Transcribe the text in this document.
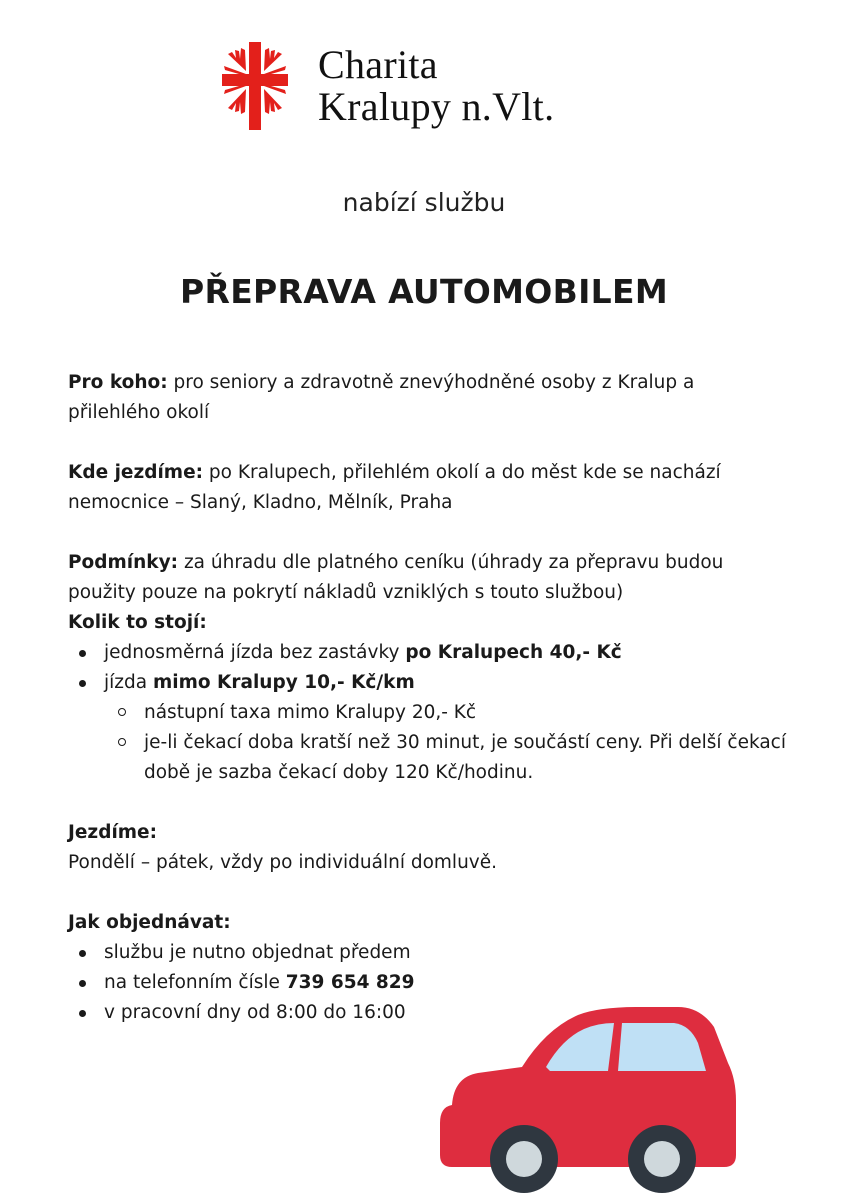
Charita
Kralupy n.Vlt.
nabízí službu
PŘEPRAVA AUTOMOBILEM

Pro koho: pro seniory a zdravotně znevýhodněné osoby z Kralup a přilehlého okolí

Kde jezdíme: po Kralupech, přilehlém okolí a do měst kde se nachází nemocnice – Slaný, Kladno, Mělník, Praha

Podmínky: za úhradu dle platného ceníku (úhrady za přepravu budou použity pouze na pokrytí nákladů vzniklých s touto službou)

Kolik to stojí:

jednosměrná jízda bez zastávky po Kralupech 40,- Kč
jízda mimo Kralupy 10,- Kč/km
nástupní taxa mimo Kralupy 20,- Kč
je-li čekací doba kratší než 30 minut, je součástí ceny. Při delší čekací době je sazba čekací doby 120 Kč/hodinu.

Jezdíme:

Pondělí – pátek, vždy po individuální domluvě.

Jak objednávat:

službu je nutno objednat předem
na telefonním čísle 739 654 829
v pracovní dny od 8:00 do 16:00
